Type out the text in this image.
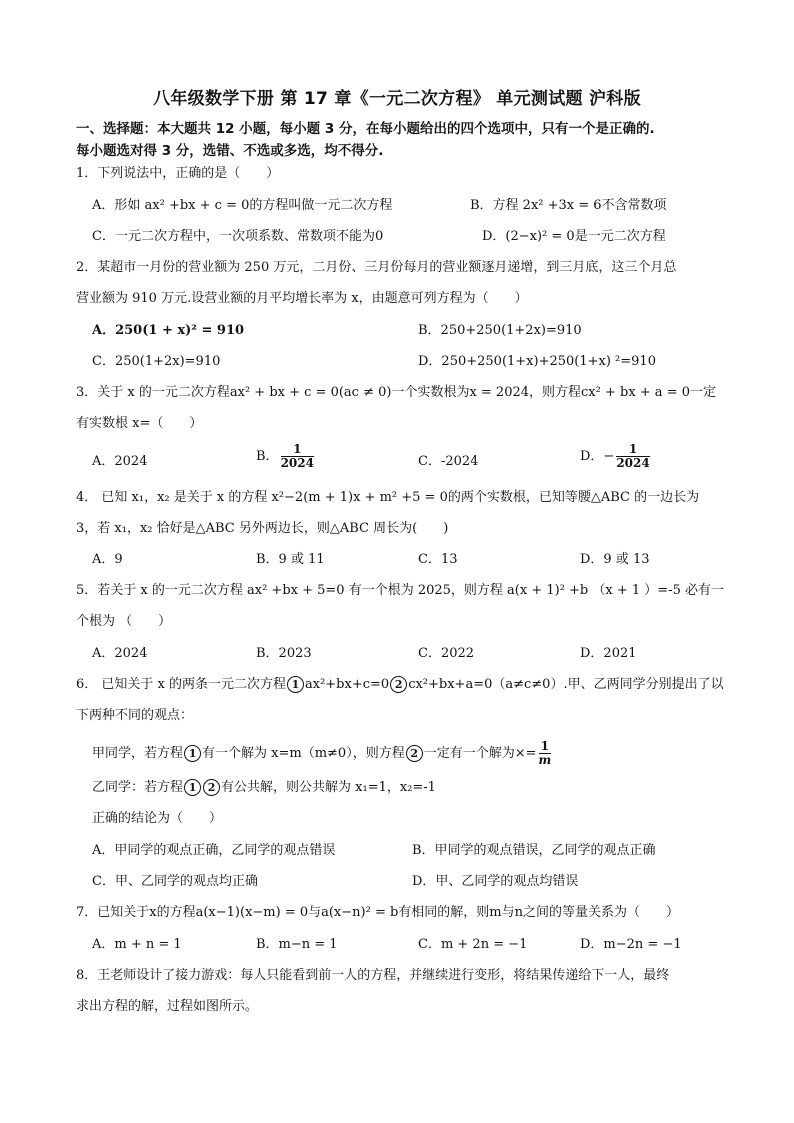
八年级数学下册 第 17 章《一元二次方程》 单元测试题 沪科版
一、选择题：本大题共 12 小题，每小题 3 分，在每小题给出的四个选项中，只有一个是正确的.
每小题选对得 3 分，选错、不选或多选，均不得分.
1．下列说法中，正确的是（　　）
A．形如 ax² +bx + c = 0的方程叫做一元二次方程	B．方程 2x² +3x = 6不含常数项
C．一元二次方程中，一次项系数、常数项不能为0	D．(2−x)² = 0是一元二次方程
2．某超市一月份的营业额为 250 万元，二月份、三月份每月的营业额逐月递增，到三月底，这三个月总
营业额为 910 万元.设营业额的月平均增长率为 x，由题意可列方程为（　　）
A．250(1 + x)² = 910	B．250+250(1+2x)=910
C．250(1+2x)=910	D．250+250(1+x)+250(1+x) ²=910
3．关于 x 的一元二次方程ax² + bx + c = 0(ac ≠ 0)一个实数根为x = 2024，则方程cx² + bx + a = 0一定
有实数根 x=（　　）
A．2024	B． $\frac{1}{2024}$	C．-2024	D．− $\frac{1}{2024}$
4． 已知 x₁，x₂ 是关于 x 的方程 x²−2(m + 1)x + m² +5 = 0的两个实数根，已知等腰△ABC 的一边长为
3，若 x₁，x₂ 恰好是△ABC 另外两边长，则△ABC 周长为(　　)
A．9	B．9 或 11	C．13	D．9 或 13
5．若关于 x 的一元二次方程 ax² +bx + 5=0 有一个根为 2025，则方程 a(x + 1)² +b （x + 1 ）=-5 必有一
个根为 （　　）
A．2024	B．2023	C．2022	D．2021
6． 已知关于 x 的两条一元二次方程 1 ax²+bx+c=0 2 cx²+bx+a=0（a≠c≠0）.甲、乙两同学分别提出了以
下两种不同的观点：
甲同学，若方程 1 有一个解为 x=m（m≠0），则方程 2 一定有一个解为×= $\frac{1}{m}$
乙同学：若方程 1 2 有公共解，则公共解为 x₁=1，x₂=-1
正确的结论为（　　）
A．甲同学的观点正确，乙同学的观点错误	B．甲同学的观点错误，乙同学的观点正确
C．甲、乙同学的观点均正确	D．甲、乙同学的观点均错误
7．已知关于x的方程a(x−1)(x−m) = 0与a(x−n)² = b有相同的解，则m与n之间的等量关系为（　　）
A．m + n = 1	B．m−n = 1	C．m + 2n = −1	D．m−2n = −1
8．王老师设计了接力游戏：每人只能看到前一人的方程，并继续进行变形，将结果传递给下一人，最终
求出方程的解，过程如图所示。
